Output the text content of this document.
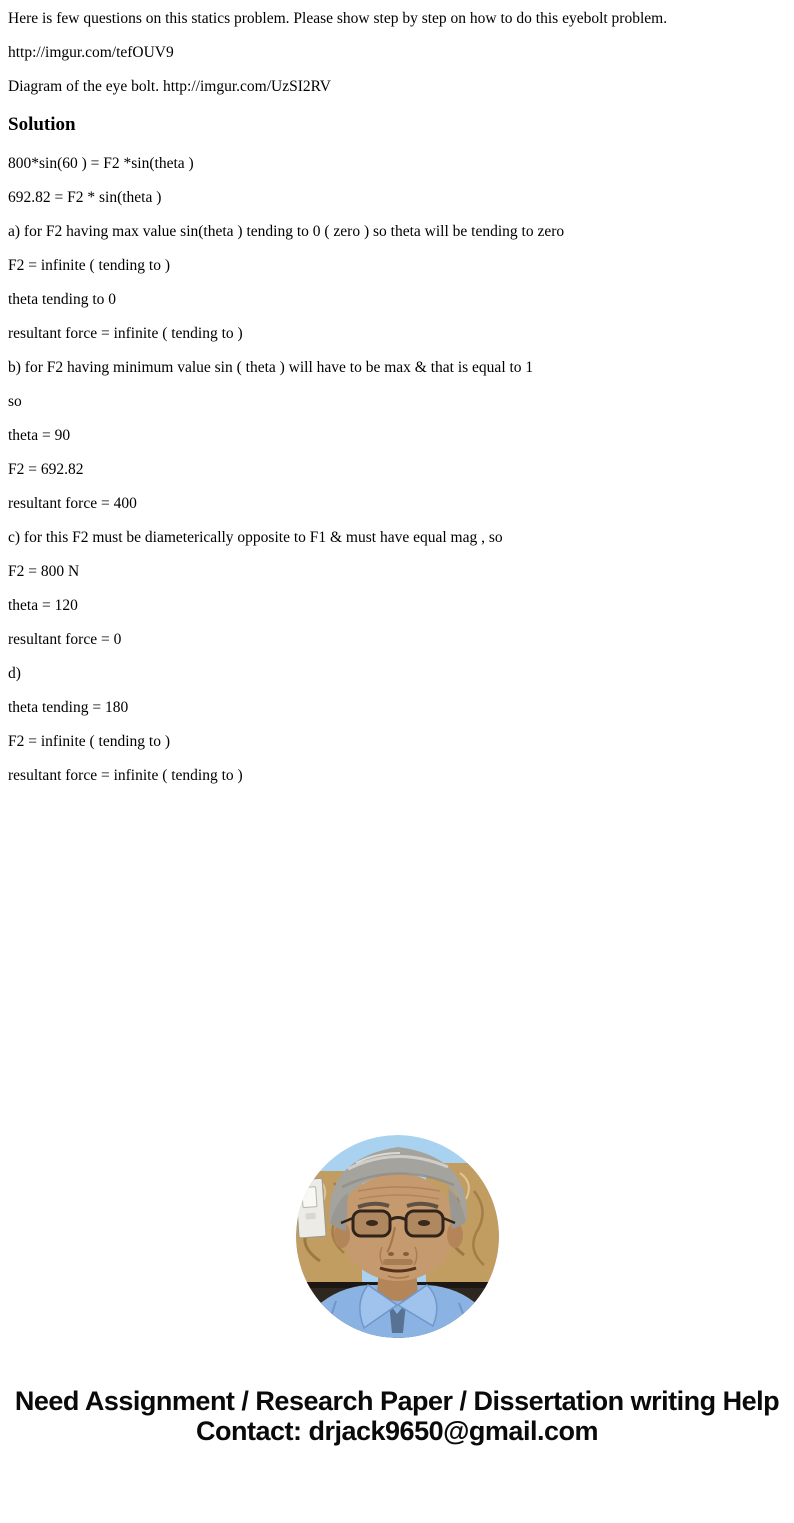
Here is few questions on this statics problem. Please show step by step on how to do this eyebolt problem.

http://imgur.com/tefOUV9

Diagram of the eye bolt. http://imgur.com/UzSI2RV

Solution

800*sin(60 ) = F2 *sin(theta )

692.82 = F2 * sin(theta )

a) for F2 having max value sin(theta ) tending to 0 ( zero ) so theta will be tending to zero

F2 = infinite ( tending to )

theta tending to 0

resultant force = infinite ( tending to )

b) for F2 having minimum value sin ( theta ) will have to be max & that is equal to 1

so

theta = 90

F2 = 692.82

resultant force = 400

c) for this F2 must be diameterically opposite to F1 & must have equal mag , so

F2 = 800 N

theta = 120

resultant force = 0

d)

theta tending = 180

F2 = infinite ( tending to )

resultant force = infinite ( tending to )

Need Assignment / Research Paper / Dissertation writing Help
Contact: drjack9650@gmail.com
